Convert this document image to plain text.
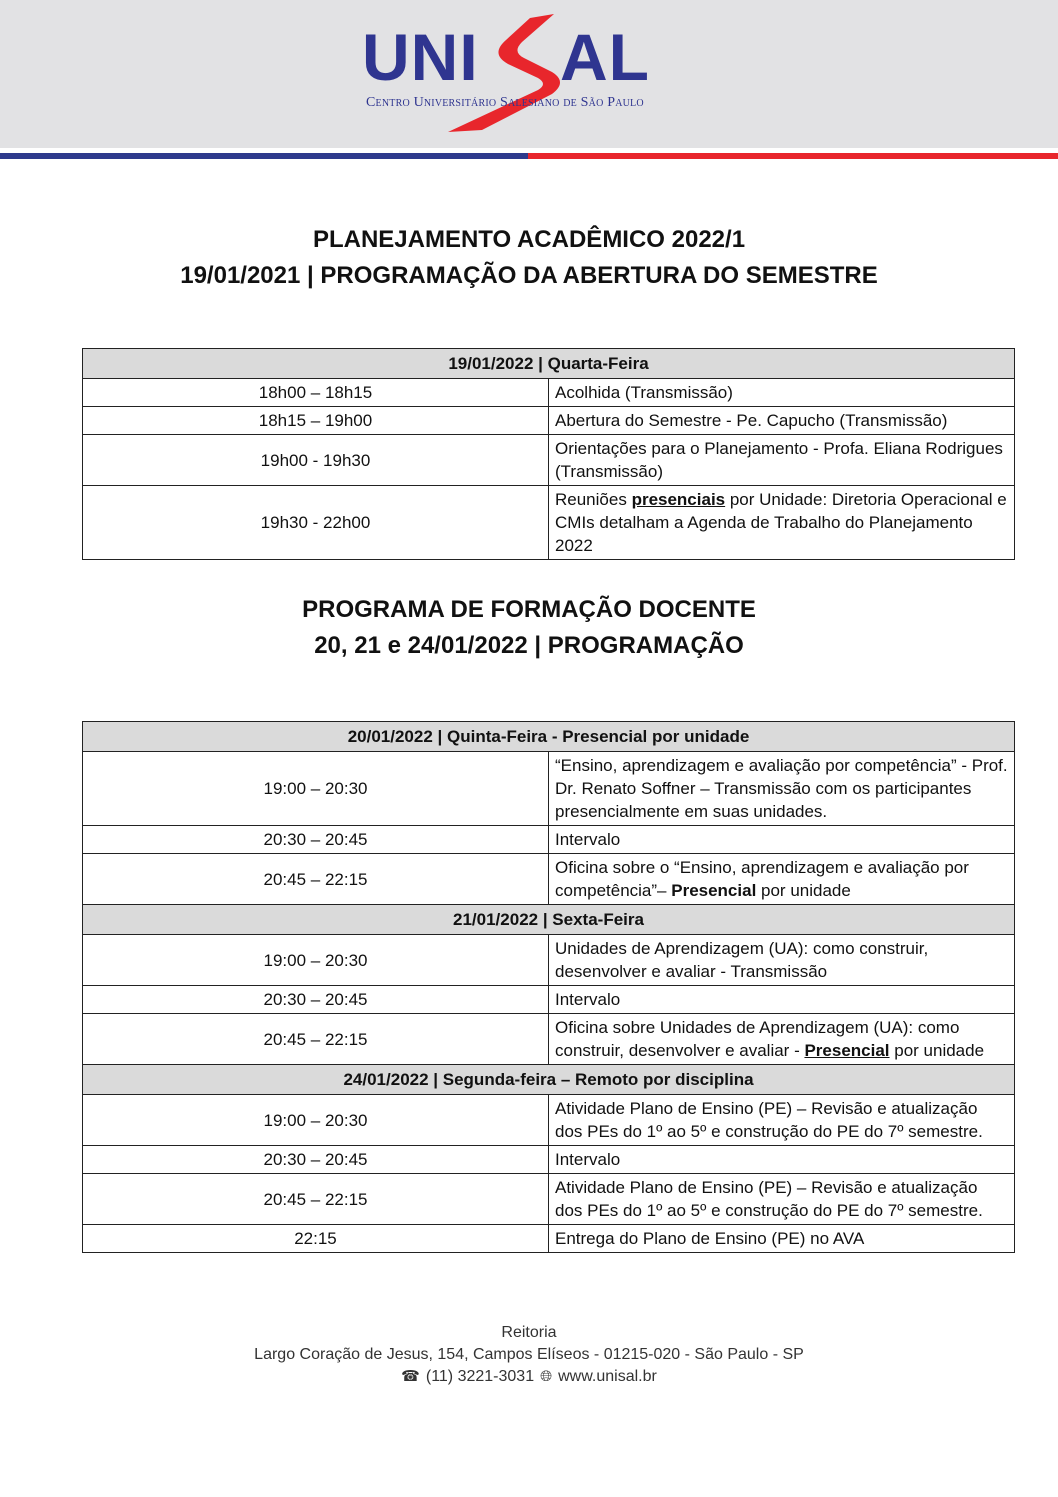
UNI AL
Centro Universitário Salesiano de São Paulo
PLANEJAMENTO ACADÊMICO 2022/1
19/01/2021 | PROGRAMAÇÃO DA ABERTURA DO SEMESTRE
19/01/2022 | Quarta-Feira	
18h00 – 18h15	Acolhida (Transmissão)
18h15 – 19h00	Abertura do Semestre - Pe. Capucho (Transmissão)
19h00 - 19h30	Orientações para o Planejamento - Profa. Eliana Rodrigues (Transmissão)
19h30 - 22h00	Reuniões presenciais por Unidade: Diretoria Operacional e CMIs detalham a Agenda de Trabalho do Planejamento 2022
PROGRAMA DE FORMAÇÃO DOCENTE
20, 21 e 24/01/2022 | PROGRAMAÇÃO
20/01/2022 | Quinta-Feira - Presencial por unidade	
19:00 – 20:30	“Ensino, aprendizagem e avaliação por competência” - Prof. Dr. Renato Soffner – Transmissão com os participantes presencialmente em suas unidades.
20:30 – 20:45	Intervalo
20:45 – 22:15	Oficina sobre o “Ensino, aprendizagem e avaliação por competência”– Presencial por unidade
21/01/2022 | Sexta-Feira	
19:00 – 20:30	Unidades de Aprendizagem (UA): como construir, desenvolver e avaliar - Transmissão
20:30 – 20:45	Intervalo
20:45 – 22:15	Oficina sobre Unidades de Aprendizagem (UA): como construir, desenvolver e avaliar - Presencial por unidade
24/01/2022 | Segunda-feira – Remoto por disciplina	
19:00 – 20:30	Atividade Plano de Ensino (PE) – Revisão e atualização dos PEs do 1º ao 5º e construção do PE do 7º semestre.
20:30 – 20:45	Intervalo
20:45 – 22:15	Atividade Plano de Ensino (PE) – Revisão e atualização dos PEs do 1º ao 5º e construção do PE do 7º semestre.
22:15	Entrega do Plano de Ensino (PE) no AVA
Reitoria
Largo Coração de Jesus, 154, Campos Elíseos - 01215-020 - São Paulo - SP
☎ (11) 3221-3031 🌐︎ www.unisal.br
